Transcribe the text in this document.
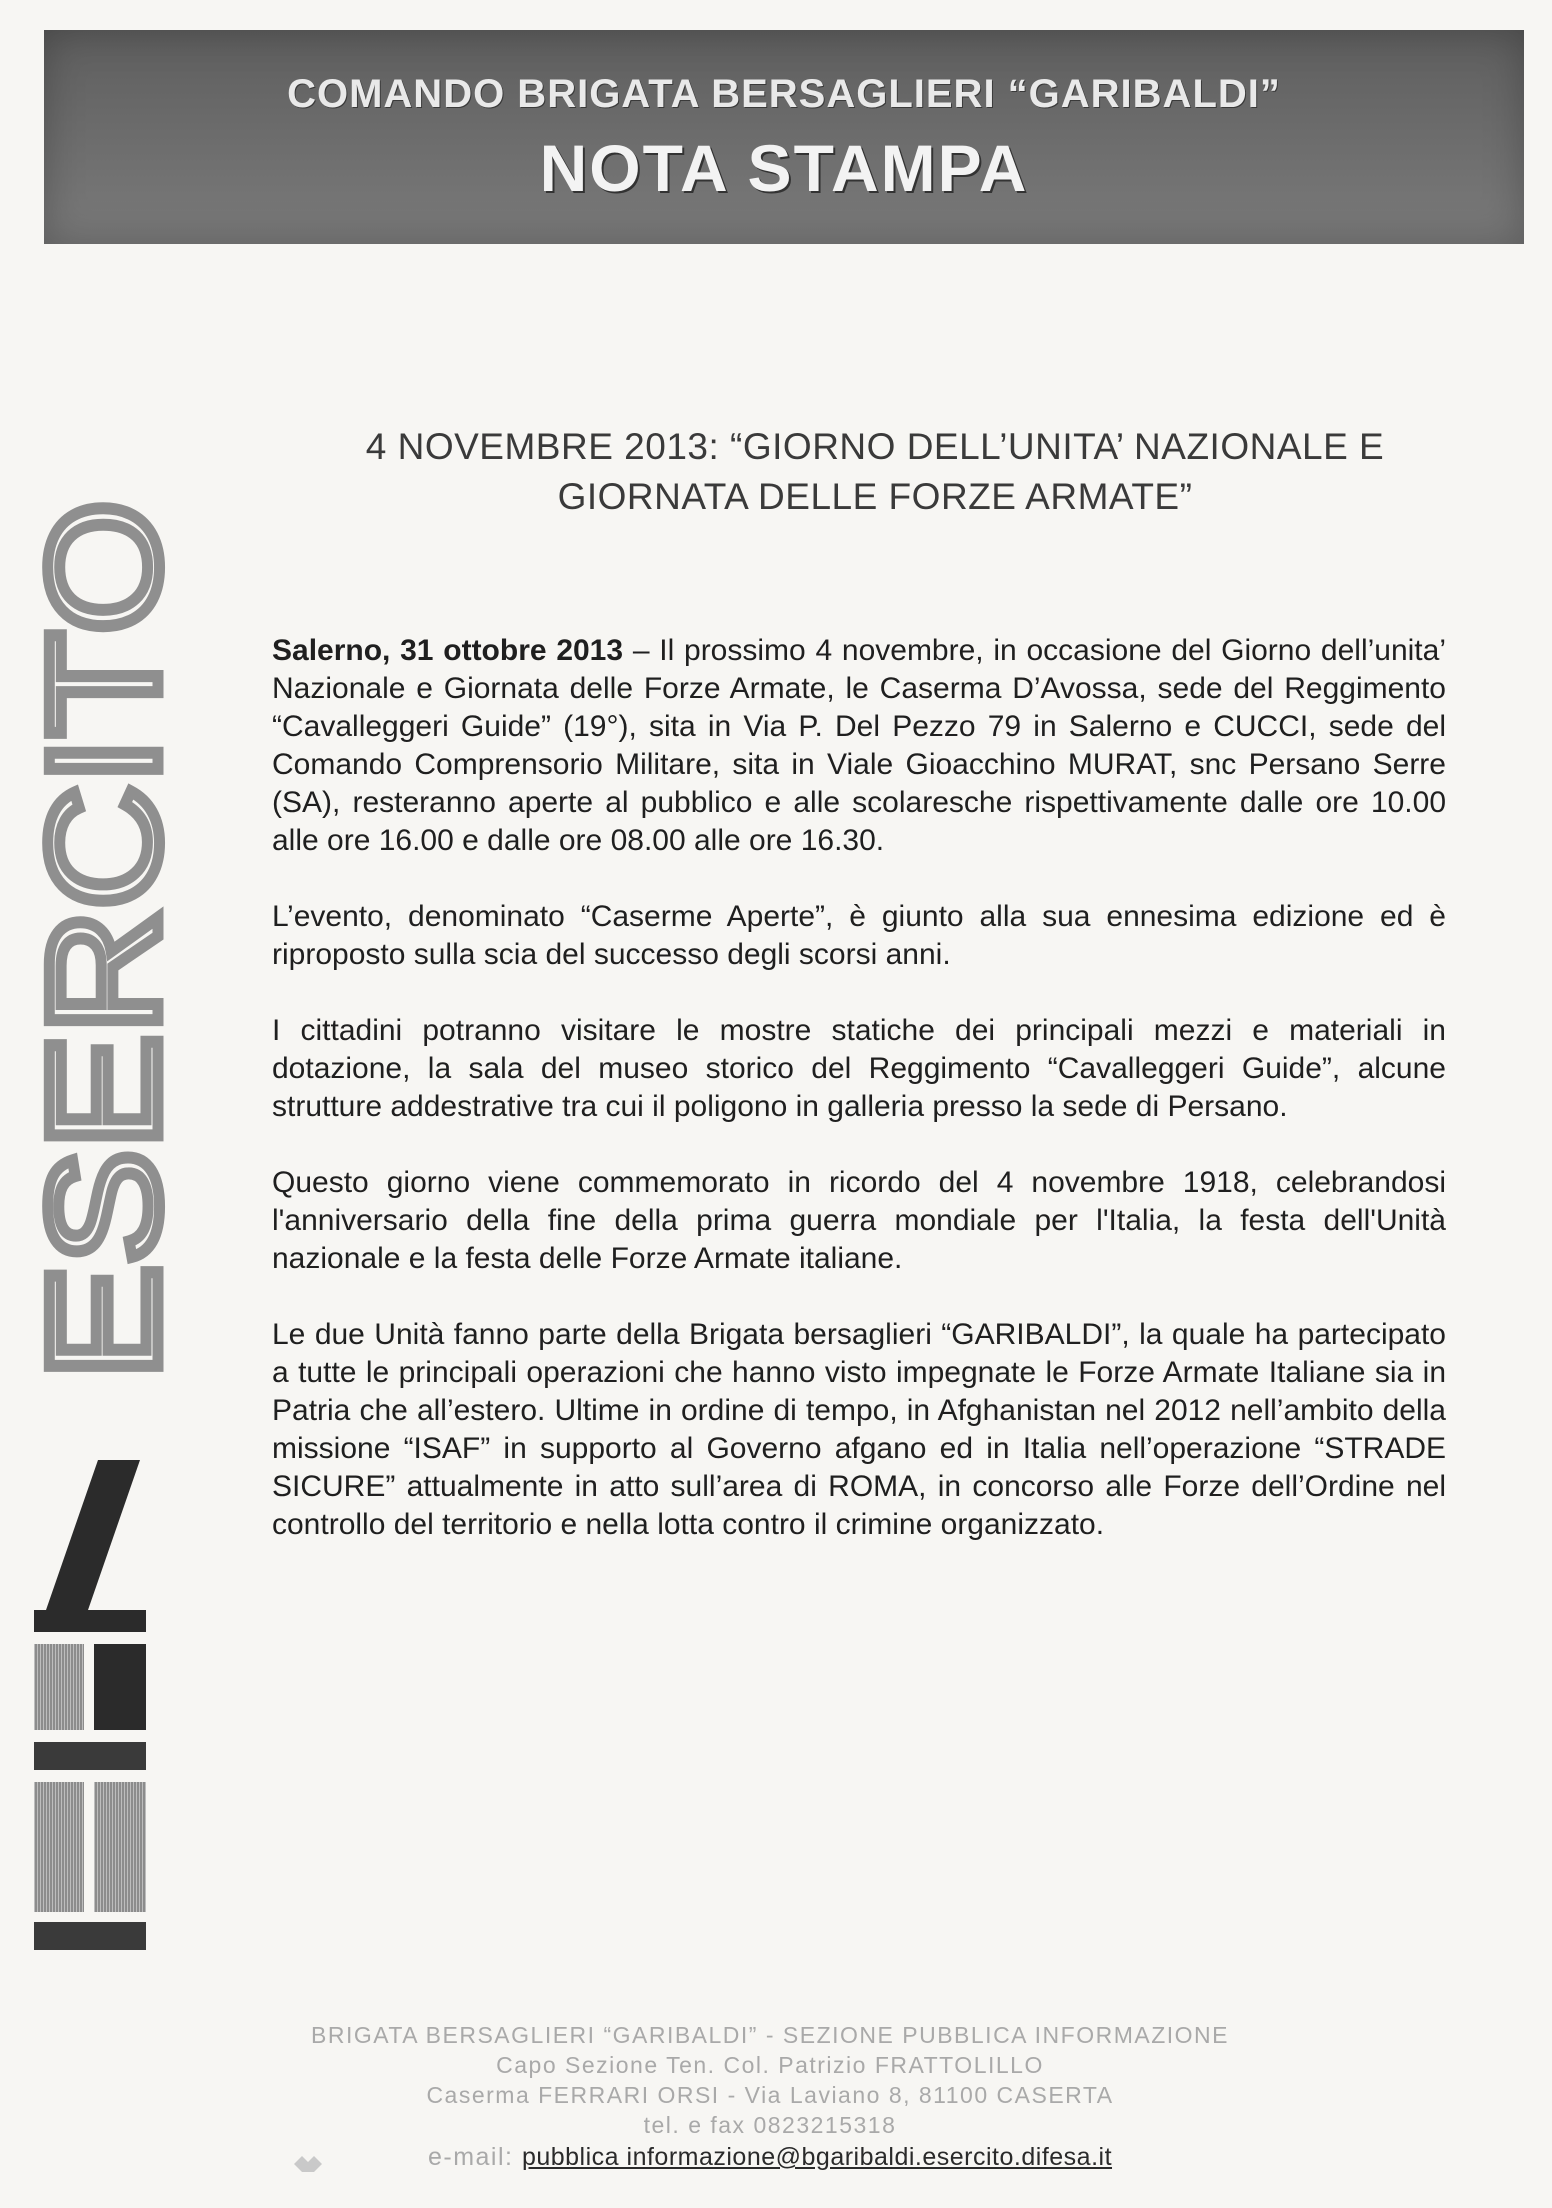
COMANDO BRIGATA BERSAGLIERI “GARIBALDI”
NOTA STAMPA
ESERCITO
4 NOVEMBRE 2013: “GIORNO DELL’UNITA’ NAZIONALE E
GIORNATA DELLE FORZE ARMATE”

Salerno, 31 ottobre 2013 – Il prossimo 4 novembre, in occasione del Giorno dell’unita’ Nazionale e Giornata delle Forze Armate, le Caserma D’Avossa, sede del Reggimento “Cavalleggeri Guide” (19°), sita in Via P. Del Pezzo 79 in Salerno e CUCCI, sede del Comando Comprensorio Militare, sita in Viale Gioacchino MURAT, snc Persano Serre (SA), resteranno aperte al pubblico e alle scolaresche rispettivamente dalle ore 10.00 alle ore 16.00 e dalle ore 08.00 alle ore 16.30.

L’evento, denominato “Caserme Aperte”, è giunto alla sua ennesima edizione ed è riproposto sulla scia del successo degli scorsi anni.

I cittadini potranno visitare le mostre statiche dei principali mezzi e materiali in dotazione, la sala del museo storico del Reggimento “Cavalleggeri Guide”, alcune strutture addestrative tra cui il poligono in galleria presso la sede di Persano.

Questo giorno viene commemorato in ricordo del 4 novembre 1918, celebrandosi l'anniversario della fine della prima guerra mondiale per l'Italia, la festa dell'Unità nazionale e la festa delle Forze Armate italiane.

Le due Unità fanno parte della Brigata bersaglieri “GARIBALDI”, la quale ha partecipato a tutte le principali operazioni che hanno visto impegnate le Forze Armate Italiane sia in Patria che all’estero. Ultime in ordine di tempo, in Afghanistan nel 2012 nell’ambito della missione “ISAF” in supporto al Governo afgano ed in Italia nell’operazione “STRADE SICURE” attualmente in atto sull’area di ROMA, in concorso alle Forze dell’Ordine nel controllo del territorio e nella lotta contro il crimine organizzato.

BRIGATA BERSAGLIERI “GARIBALDI” - SEZIONE PUBBLICA INFORMAZIONE
Capo Sezione Ten. Col. Patrizio FRATTOLILLO
Caserma FERRARI ORSI - Via Laviano 8, 81100 CASERTA
tel. e fax 0823215318
e-mail: pubblica informazione@bgaribaldi.esercito.difesa.it
